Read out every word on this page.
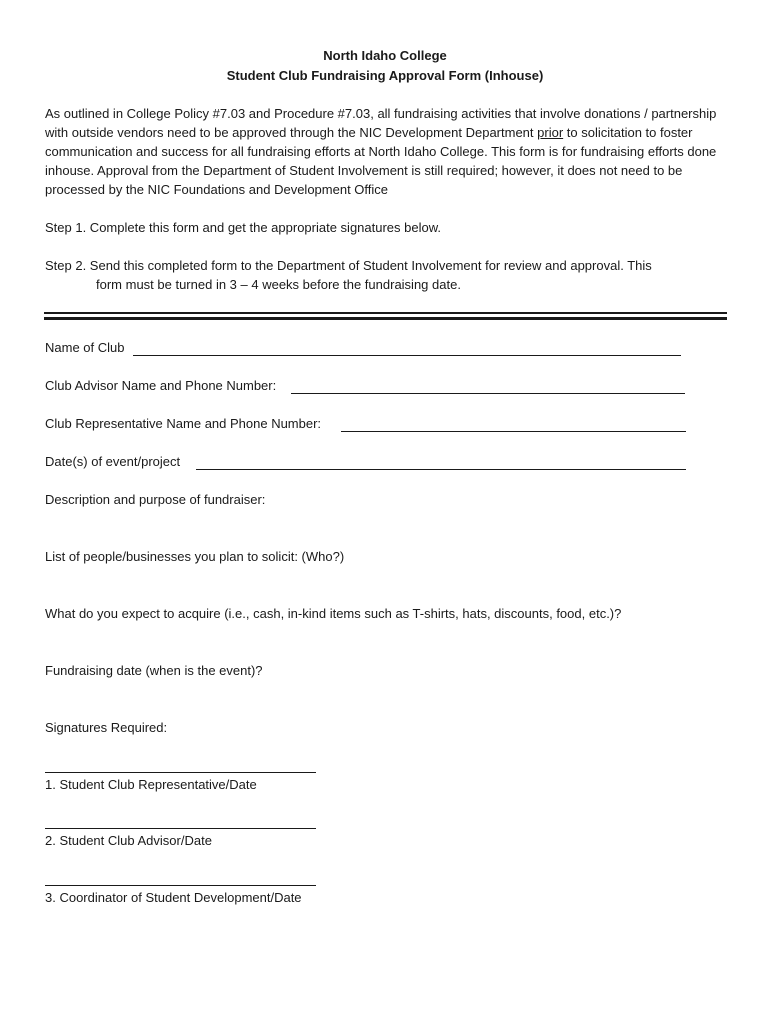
North Idaho College
Student Club Fundraising Approval Form (Inhouse)
As outlined in College Policy #7.03 and Procedure #7.03, all fundraising activities that involve donations / partnership with outside vendors need to be approved through the NIC Development Department prior to solicitation to foster communication and success for all fundraising efforts at North Idaho College. This form is for fundraising efforts done inhouse. Approval from the Department of Student Involvement is still required; however, it does not need to be processed by the NIC Foundations and Development Office
Step 1. Complete this form and get the appropriate signatures below.
Step 2. Send this completed form to the Department of Student Involvement for review and approval. This
form must be turned in 3 – 4 weeks before the fundraising date.
Name of Club
Club Advisor Name and Phone Number:
Club Representative Name and Phone Number:
Date(s) of event/project
Description and purpose of fundraiser:
List of people/businesses you plan to solicit: (Who?)
What do you expect to acquire (i.e., cash, in-kind items such as T-shirts, hats, discounts, food, etc.)?
Fundraising date (when is the event)?
Signatures Required:
1. Student Club Representative/Date
2. Student Club Advisor/Date
3. Coordinator of Student Development/Date
